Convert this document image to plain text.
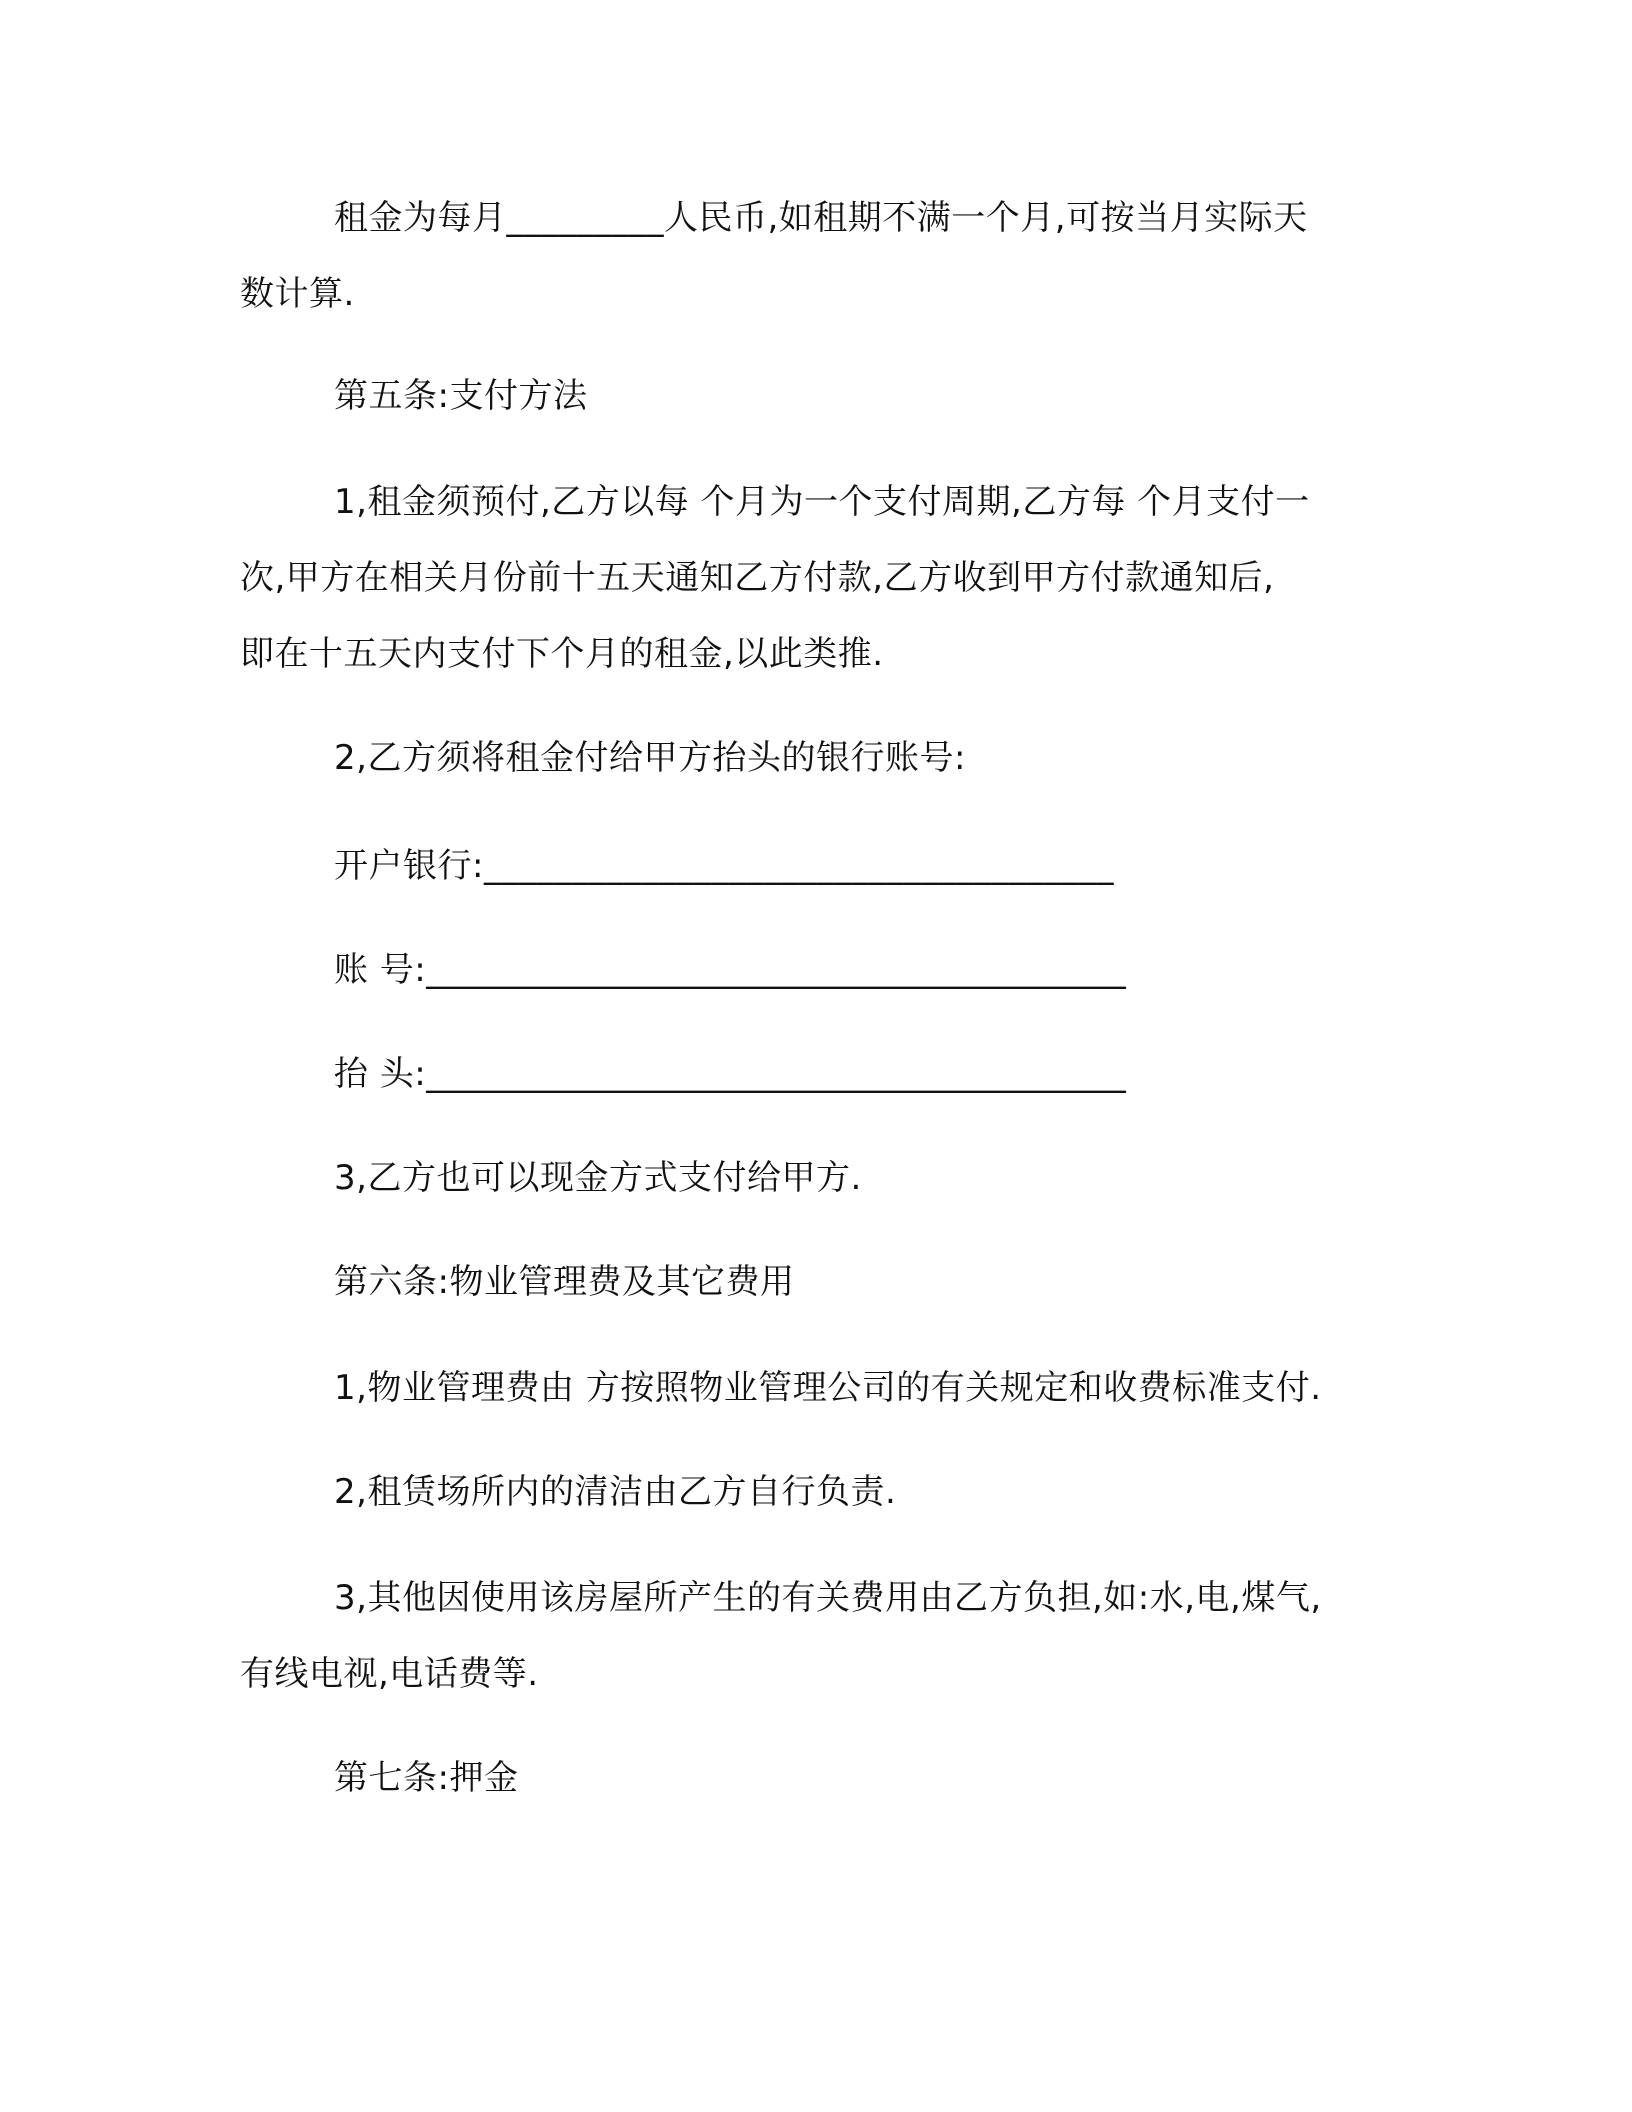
租金为每月_________人民币,如租期不满一个月,可按当月实际天
数计算.
第五条:支付方法
1,租金须预付,乙方以每 个月为一个支付周期,乙方每 个月支付一
次,甲方在相关月份前十五天通知乙方付款,乙方收到甲方付款通知后,
即在十五天内支付下个月的租金,以此类推.
2,乙方须将租金付给甲方抬头的银行账号:
开户银行:____________________________________
账 号:________________________________________
抬 头:________________________________________
3,乙方也可以现金方式支付给甲方.
第六条:物业管理费及其它费用
1,物业管理费由 方按照物业管理公司的有关规定和收费标准支付.
2,租赁场所内的清洁由乙方自行负责.
3,其他因使用该房屋所产生的有关费用由乙方负担,如:水,电,煤气,
有线电视,电话费等.
第七条:押金
